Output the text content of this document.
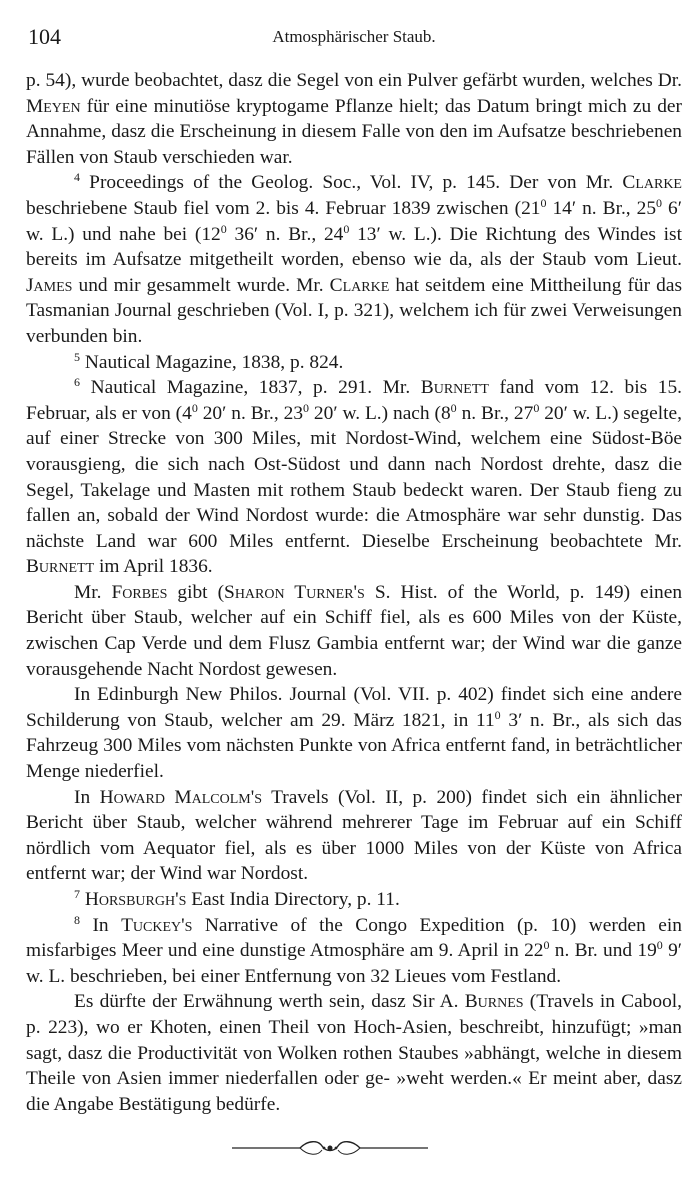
104	Atmosphärischer Staub.

p. 54), wurde beobachtet, dasz die Segel von ein Pulver gefärbt wurden, welches Dr. Meyen für eine minutiöse kryptogame Pflanze hielt; das Datum bringt mich zu der Annahme, dasz die Erscheinung in diesem Falle von den im Aufsatze beschriebenen Fällen von Staub verschieden war.

$^4$ Proceedings of the Geolog. Soc., Vol. IV, p. 145. Der von Mr. Clarke beschriebene Staub fiel vom 2. bis 4. Februar 1839 zwischen ($21^0$ 14′ n. Br., $25^0$ 6′ w. L.) und nahe bei ($12^0$ 36′ n. Br., $24^0$ 13′ w. L.). Die Richtung des Windes ist bereits im Aufsatze mitgetheilt worden, ebenso wie da, als der Staub vom Lieut. James und mir gesammelt wurde. Mr. Clarke hat seitdem eine Mittheilung für das Tasmanian Journal geschrieben (Vol. I, p. 321), welchem ich für zwei Verweisungen verbunden bin.

$^5$ Nautical Magazine, 1838, p. 824.

$^6$ Nautical Magazine, 1837, p. 291. Mr. Burnett fand vom 12. bis 15. Februar, als er von ($4^0$ 20′ n. Br., $23^0$ 20′ w. L.) nach ($8^0$ n. Br., $27^0$ 20′ w. L.) segelte, auf einer Strecke von 300 Miles, mit Nordost-Wind, welchem eine Südost-Böe vorausgieng, die sich nach Ost-Südost und dann nach Nordost drehte, dasz die Segel, Takelage und Masten mit rothem Staub bedeckt waren. Der Staub fieng zu fallen an, sobald der Wind Nordost wurde: die Atmosphäre war sehr dunstig. Das nächste Land war 600 Miles entfernt. Dieselbe Erscheinung beobachtete Mr. Burnett im April 1836.

Mr. Forbes gibt (Sharon Turner's S. Hist. of the World, p. 149) einen Bericht über Staub, welcher auf ein Schiff fiel, als es 600 Miles von der Küste, zwischen Cap Verde und dem Flusz Gambia entfernt war; der Wind war die ganze vorausgehende Nacht Nordost gewesen.

In Edinburgh New Philos. Journal (Vol. VII. p. 402) findet sich eine andere Schilderung von Staub, welcher am 29. März 1821, in $11^0$ 3′ n. Br., als sich das Fahrzeug 300 Miles vom nächsten Punkte von Africa entfernt fand, in beträchtlicher Menge niederfiel.

In Howard Malcolm's Travels (Vol. II, p. 200) findet sich ein ähnlicher Bericht über Staub, welcher während mehrerer Tage im Februar auf ein Schiff nördlich vom Aequator fiel, als es über 1000 Miles von der Küste von Africa entfernt war; der Wind war Nordost.

$^7$ Horsburgh's East India Directory, p. 11.

$^8$ In Tuckey's Narrative of the Congo Expedition (p. 10) werden ein misfarbiges Meer und eine dunstige Atmosphäre am 9. April in $22^0$ n. Br. und $19^0$ 9′ w. L. beschrieben, bei einer Entfernung von 32 Lieues vom Festland.

Es dürfte der Erwähnung werth sein, dasz Sir A. Burnes (Travels in Cabool, p. 223), wo er Khoten, einen Theil von Hoch-Asien, beschreibt, hinzufügt; »man sagt, dasz die Productivität von Wolken rothen Staubes »abhängt, welche in diesem Theile von Asien immer niederfallen oder ge- »weht werden.« Er meint aber, dasz die Angabe Bestätigung bedürfe.
